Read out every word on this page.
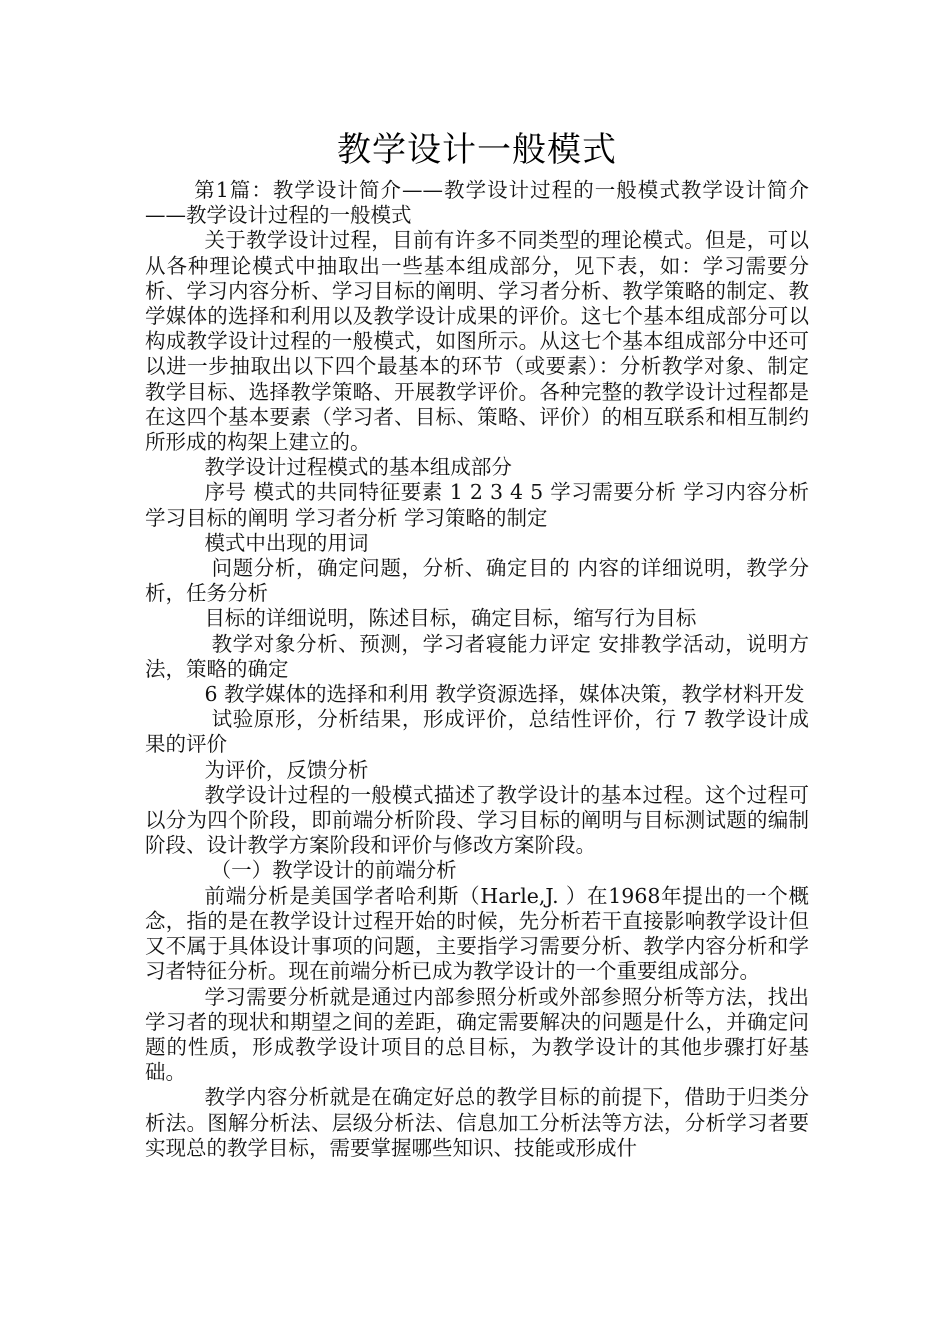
教学设计一般模式

第1篇：教学设计简介——教学设计过程的一般模式教学设计简介——教学设计过程的一般模式

关于教学设计过程，目前有许多不同类型的理论模式。但是，可以从各种理论模式中抽取出一些基本组成部分，见下表，如：学习需要分析、学习内容分析、学习目标的阐明、学习者分析、教学策略的制定、教学媒体的选择和利用以及教学设计成果的评价。这七个基本组成部分可以构成教学设计过程的一般模式，如图所示。从这七个基本组成部分中还可以进一步抽取出以下四个最基本的环节（或要素）：分析教学对象、制定教学目标、选择教学策略、开展教学评价。各种完整的教学设计过程都是在这四个基本要素（学习者、目标、策略、评价）的相互联系和相互制约所形成的构架上建立的。

教学设计过程模式的基本组成部分

序号 模式的共同特征要素 1 2 3 4 5 学习需要分析 学习内容分析 学习目标的阐明 学习者分析 学习策略的制定

模式中出现的用词

问题分析，确定问题，分析、确定目的 内容的详细说明，教学分析，任务分析

目标的详细说明，陈述目标，确定目标，缩写行为目标

教学对象分析、预测，学习者寝能力评定 安排教学活动，说明方法，策略的确定

6 教学媒体的选择和利用 教学资源选择，媒体决策，教学材料开发

试验原形，分析结果，形成评价，总结性评价，行 7 教学设计成果的评价

为评价，反馈分析

教学设计过程的一般模式描述了教学设计的基本过程。这个过程可以分为四个阶段，即前端分析阶段、学习目标的阐明与目标测试题的编制阶段、设计教学方案阶段和评价与修改方案阶段。

（一）教学设计的前端分析

前端分析是美国学者哈利斯（Harle,J. ）在1968年提出的一个概念，指的是在教学设计过程开始的时候，先分析若干直接影响教学设计但又不属于具体设计事项的问题，主要指学习需要分析、教学内容分析和学习者特征分析。现在前端分析已成为教学设计的一个重要组成部分。

学习需要分析就是通过内部参照分析或外部参照分析等方法，找出学习者的现状和期望之间的差距，确定需要解决的问题是什么，并确定问题的性质，形成教学设计项目的总目标，为教学设计的其他步骤打好基础。

教学内容分析就是在确定好总的教学目标的前提下，借助于归类分析法。图解分析法、层级分析法、信息加工分析法等方法，分析学习者要实现总的教学目标，需要掌握哪些知识、技能或形成什
